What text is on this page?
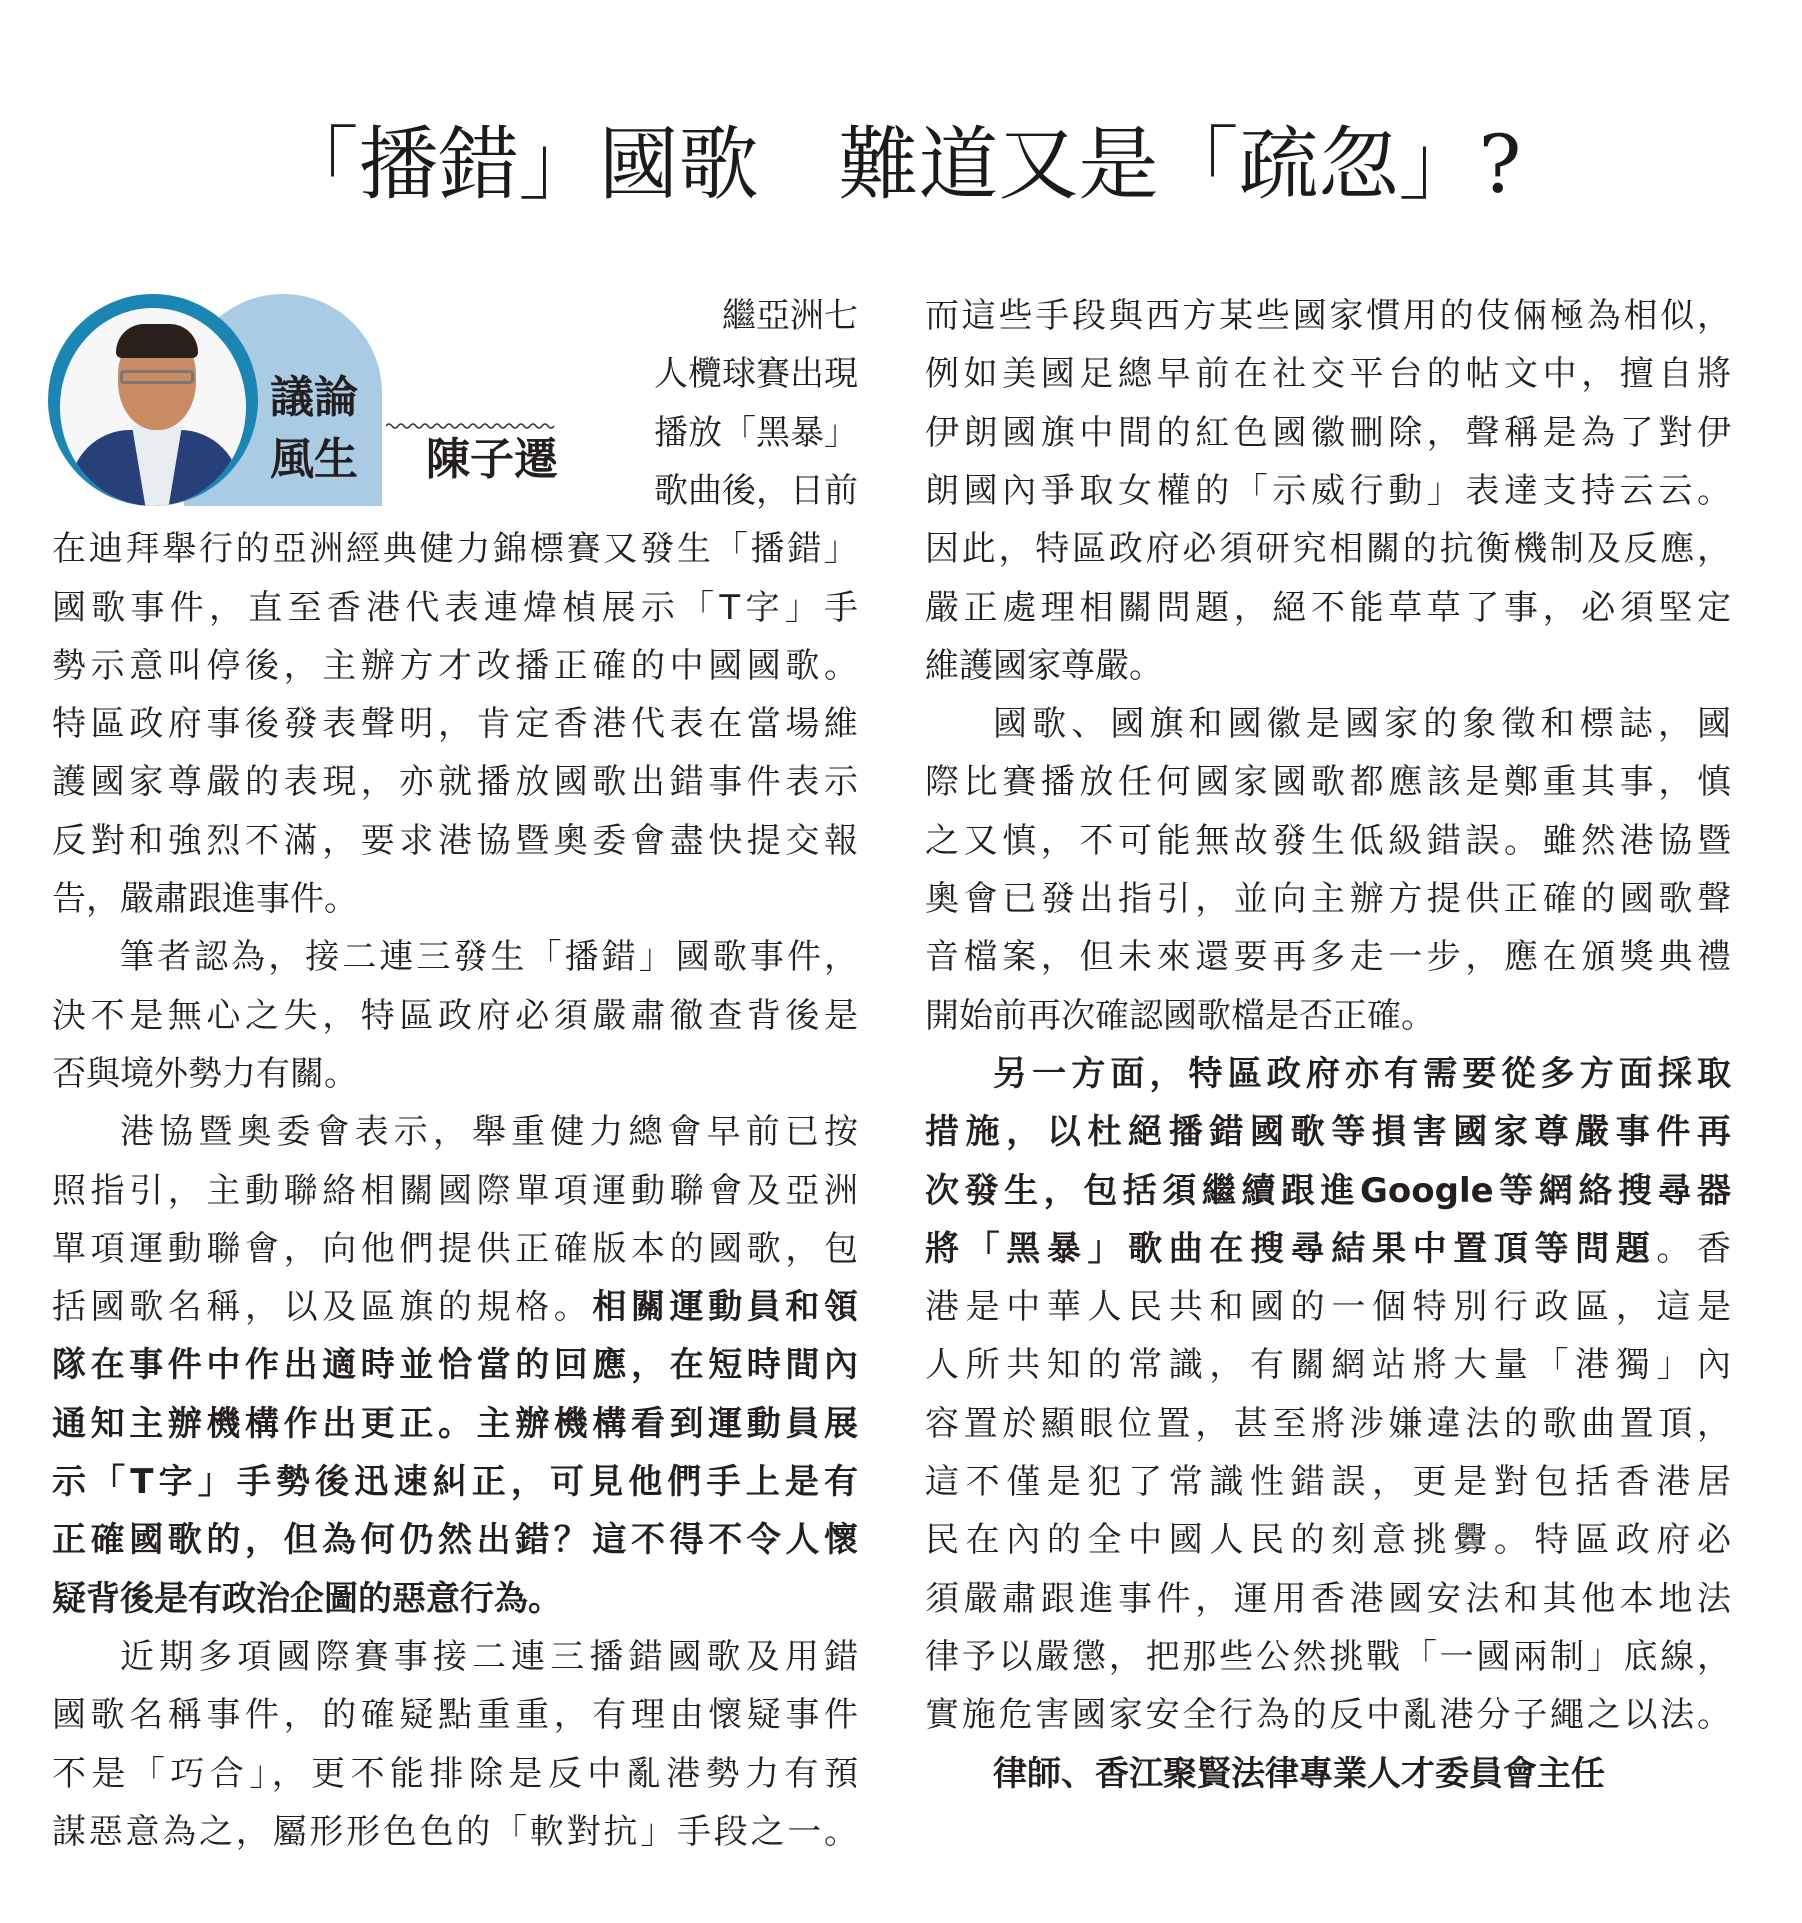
「播錯」國歌　難道又是「疏忽」?
議論
風生 陳子遷
繼亞洲七
人欖球賽出現
播放「黑暴」
歌曲後，日前
在迪拜舉行的亞洲經典健力錦標賽又發生「播錯」
國歌事件，直至香港代表連煒楨展示「T字」手
勢示意叫停後，主辦方才改播正確的中國國歌。
特區政府事後發表聲明，肯定香港代表在當場維
護國家尊嚴的表現，亦就播放國歌出錯事件表示
反對和強烈不滿，要求港協暨奧委會盡快提交報
告，嚴肅跟進事件。
筆者認為，接二連三發生「播錯」國歌事件，
決不是無心之失，特區政府必須嚴肅徹查背後是
否與境外勢力有關。
港協暨奧委會表示，舉重健力總會早前已按
照指引，主動聯絡相關國際單項運動聯會及亞洲
單項運動聯會，向他們提供正確版本的國歌，包
括國歌名稱，以及區旗的規格。相關運動員和領
隊在事件中作出適時並恰當的回應，在短時間內
通知主辦機構作出更正。主辦機構看到運動員展
示「T字」手勢後迅速糾正，可見他們手上是有
正確國歌的，但為何仍然出錯？這不得不令人懷
疑背後是有政治企圖的惡意行為。
近期多項國際賽事接二連三播錯國歌及用錯
國歌名稱事件，的確疑點重重，有理由懷疑事件
不是「巧合」，更不能排除是反中亂港勢力有預
謀惡意為之，屬形形色色的「軟對抗」手段之一。
而這些手段與西方某些國家慣用的伎倆極為相似，
例如美國足總早前在社交平台的帖文中，擅自將
伊朗國旗中間的紅色國徽刪除，聲稱是為了對伊
朗國內爭取女權的「示威行動」表達支持云云。
因此，特區政府必須研究相關的抗衡機制及反應，
嚴正處理相關問題，絕不能草草了事，必須堅定
維護國家尊嚴。
國歌、國旗和國徽是國家的象徵和標誌，國
際比賽播放任何國家國歌都應該是鄭重其事，慎
之又慎，不可能無故發生低級錯誤。雖然港協暨
奧會已發出指引，並向主辦方提供正確的國歌聲
音檔案，但未來還要再多走一步，應在頒獎典禮
開始前再次確認國歌檔是否正確。
另一方面，特區政府亦有需要從多方面採取
措施，以杜絕播錯國歌等損害國家尊嚴事件再
次發生，包括須繼續跟進Google等網絡搜尋器
將「黑暴」歌曲在搜尋結果中置頂等問題。香
港是中華人民共和國的一個特別行政區，這是
人所共知的常識，有關網站將大量「港獨」內
容置於顯眼位置，甚至將涉嫌違法的歌曲置頂，
這不僅是犯了常識性錯誤，更是對包括香港居
民在內的全中國人民的刻意挑釁。特區政府必
須嚴肅跟進事件，運用香港國安法和其他本地法
律予以嚴懲，把那些公然挑戰「一國兩制」底線，
實施危害國家安全行為的反中亂港分子繩之以法。
律師、香江聚賢法律專業人才委員會主任
